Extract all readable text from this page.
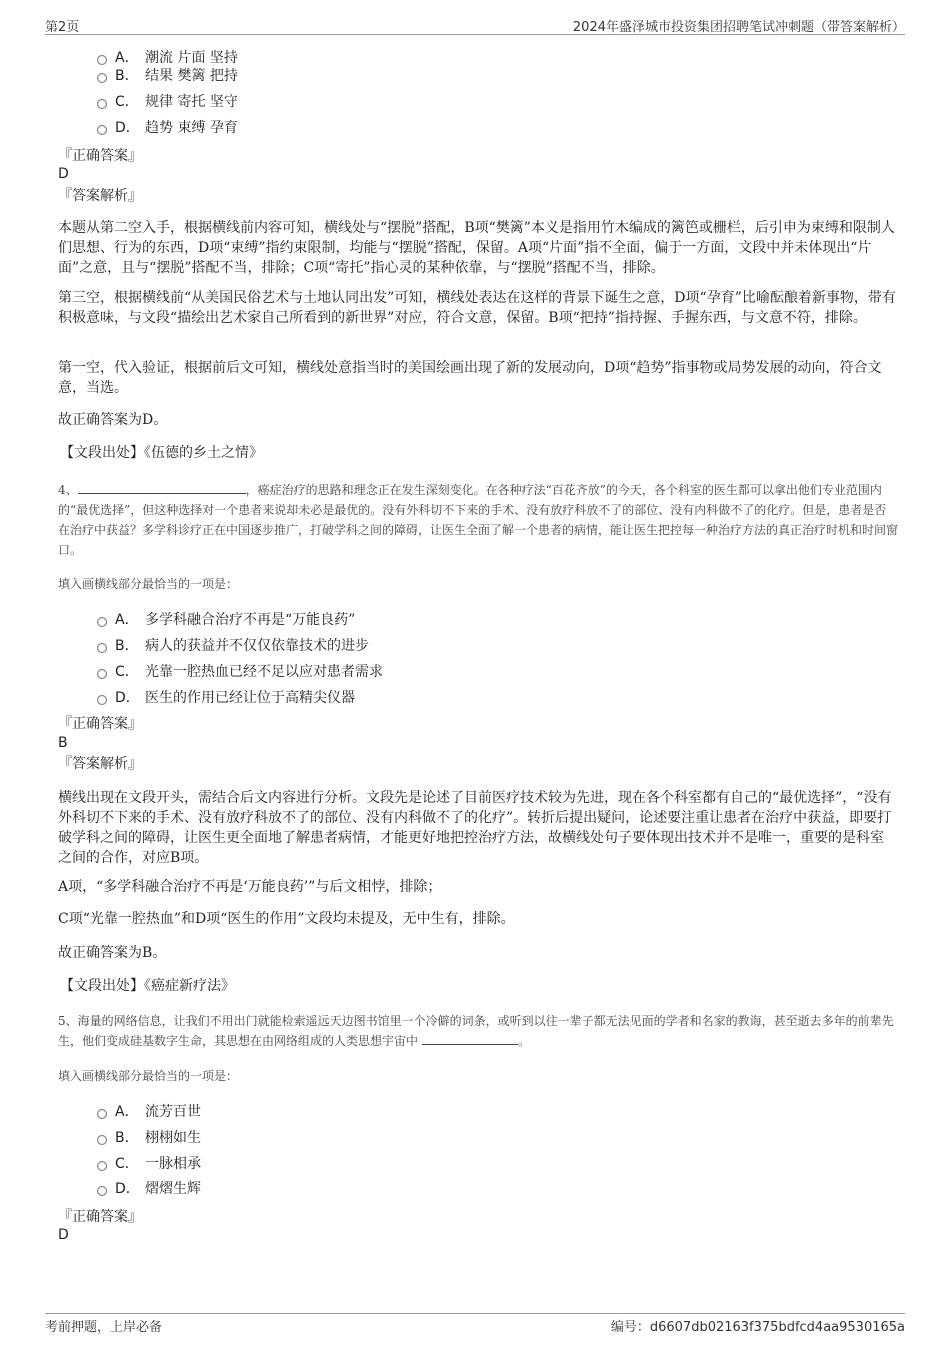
第2页	2024年盛泽城市投资集团招聘笔试冲刺题（带答案解析）
A． 潮流 片面 坚持
B． 结果 樊篱 把持
C． 规律 寄托 坚守
D． 趋势 束缚 孕育
『正确答案』
D
『答案解析』

本题从第二空入手，根据横线前内容可知，横线处与“摆脱”搭配，B项“樊篱”本义是指用竹木编成的篱笆或栅栏，后引申为束缚和限制人们思想、行为的东西，D项“束缚”指约束限制，均能与“摆脱”搭配，保留。A项“片面”指不全面，偏于一方面，文段中并未体现出“片面”之意，且与“摆脱”搭配不当，排除；C项“寄托”指心灵的某种依靠，与“摆脱”搭配不当，排除。

第三空，根据横线前“从美国民俗艺术与土地认同出发”可知，横线处表达在这样的背景下诞生之意，D项“孕育”比喻酝酿着新事物，带有积极意味，与文段“描绘出艺术家自己所看到的新世界”对应，符合文意，保留。B项“把持”指持握、手握东西，与文意不符，排除。

第一空，代入验证，根据前后文可知，横线处意指当时的美国绘画出现了新的发展动向，D项“趋势”指事物或局势发展的动向，符合文意，当选。

故正确答案为D。

【文段出处】《伍德的乡土之情》

4、	，癌症治疗的思路和理念正在发生深刻变化。在各种疗法“百花齐放”的今天，各个科室的医生都可以拿出他们专业范围内的“最优选择”，但这种选择对一个患者来说却未必是最优的。没有外科切不下来的手术、没有放疗科放不了的部位、没有内科做不了的化疗。但是，患者是否在治疗中获益？多学科诊疗正在中国逐步推广，打破学科之间的障碍，让医生全面了解一个患者的病情，能让医生把控每一种治疗方法的真正治疗时机和时间窗口。

填入画横线部分最恰当的一项是：
A． 多学科融合治疗不再是“万能良药”
B． 病人的获益并不仅仅依靠技术的进步
C． 光靠一腔热血已经不足以应对患者需求
D． 医生的作用已经让位于高精尖仪器
『正确答案』
B
『答案解析』

横线出现在文段开头，需结合后文内容进行分析。文段先是论述了目前医疗技术较为先进，现在各个科室都有自己的“最优选择”，“没有外科切不下来的手术、没有放疗科放不了的部位、没有内科做不了的化疗”。转折后提出疑问，论述要注重让患者在治疗中获益，即要打破学科之间的障碍，让医生更全面地了解患者病情，才能更好地把控治疗方法，故横线处句子要体现出技术并不是唯一，重要的是科室之间的合作，对应B项。

A项，“多学科融合治疗不再是‘万能良药’”与后文相悖，排除；

C项“光靠一腔热血”和D项“医生的作用”文段均未提及，无中生有，排除。

故正确答案为B。

【文段出处】《癌症新疗法》

5、海量的网络信息，让我们不用出门就能检索遥远天边图书馆里一个冷僻的词条，或听到以往一辈子都无法见面的学者和名家的教诲，甚至逝去多年的前辈先生，他们变成硅基数字生命，其思想在由网络组成的人类思想宇宙中	。

填入画横线部分最恰当的一项是：
A． 流芳百世
B． 栩栩如生
C． 一脉相承
D． 熠熠生辉
『正确答案』
D
考前押题，上岸必备	编号：d6607db02163f375bdfcd4aa9530165a
